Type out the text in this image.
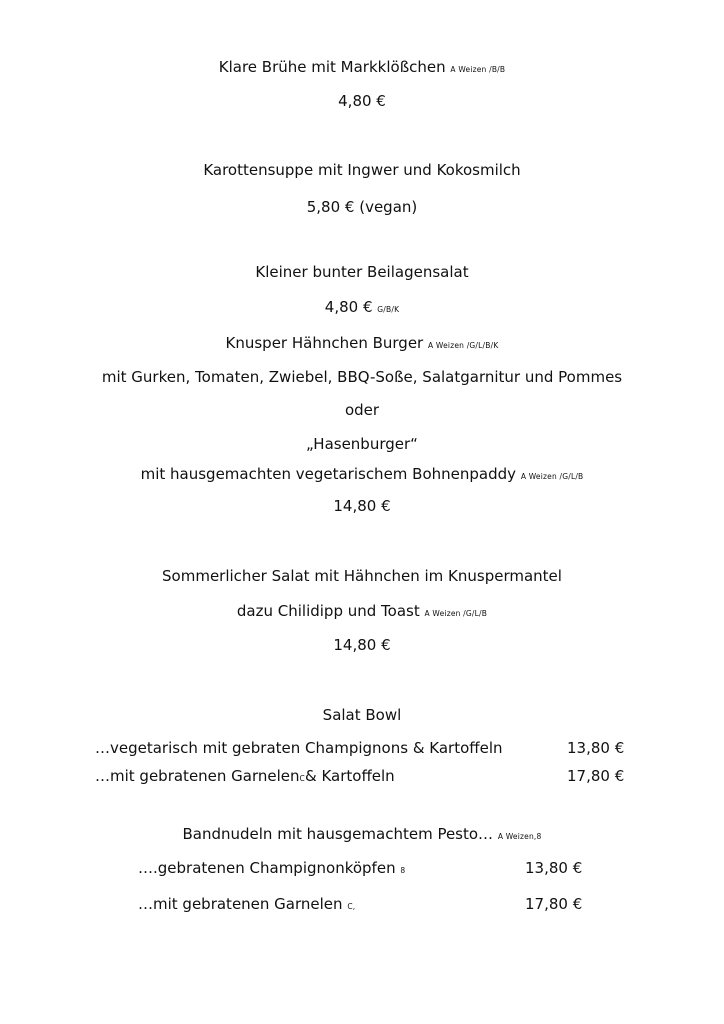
Klare Brühe mit Markklößchen A Weizen /B/B
4,80 €
Karottensuppe mit Ingwer und Kokosmilch
5,80 € (vegan)
Kleiner bunter Beilagensalat
4,80 € G/B/K
Knusper Hähnchen Burger A Weizen /G/L/B/K
mit Gurken, Tomaten, Zwiebel, BBQ-Soße, Salatgarnitur und Pommes
oder
„Hasenburger“
mit hausgemachten vegetarischem Bohnenpaddy A Weizen /G/L/B
14,80 €
Sommerlicher Salat mit Hähnchen im Knuspermantel
dazu Chilidipp und Toast A Weizen /G/L/B
14,80 €
Salat Bowl
…vegetarisch mit gebraten Champignons & Kartoffeln	13,80 €
…mit gebratenen GarnelenC& Kartoffeln	17,80 €
Bandnudeln mit hausgemachtem Pesto… A Weizen,8
….gebratenen Champignonköpfen 8	13,80 €
…mit gebratenen Garnelen C,	17,80 €
